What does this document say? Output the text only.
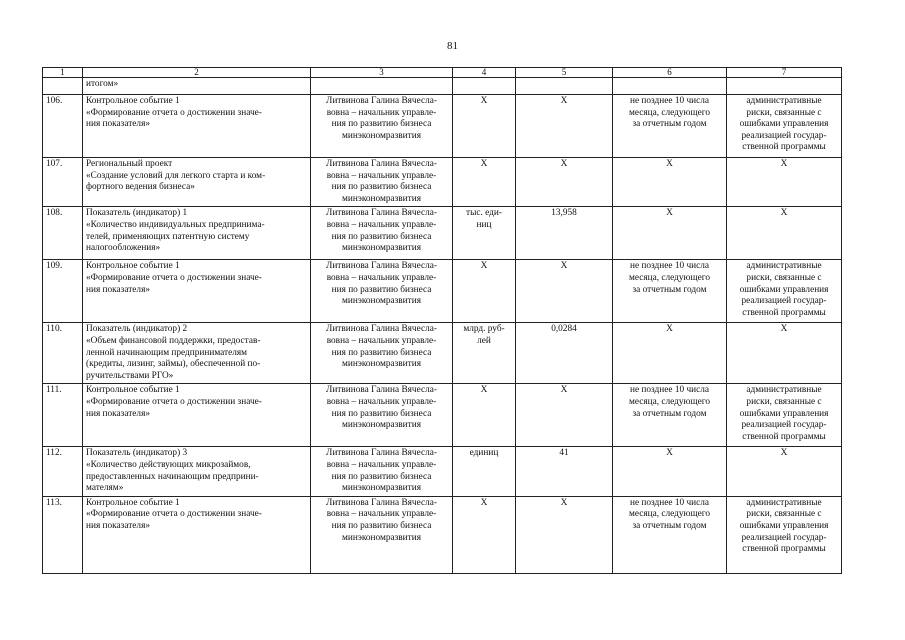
81
1	2	3	4	5	6	7
	итогом»					
106.	Контрольное событие 1
«Формирование отчета о достижении значе-
ния показателя»	Литвинова Галина Вячесла-
вовна – начальник управле-
ния по развитию бизнеса
минэкономразвития	Х	Х	не позднее 10 числа
месяца, следующего
за отчетным годом	административные
риски, связанные с
ошибками управления
реализацией государ-
ственной программы
107.	Региональный проект
«Создание условий для легкого старта и ком-
фортного ведения бизнеса»	Литвинова Галина Вячесла-
вовна – начальник управле-
ния по развитию бизнеса
минэкономразвития	Х	Х	Х	Х
108.	Показатель (индикатор) 1
«Количество индивидуальных предпринима-
телей, применяющих патентную систему
налогообложения»	Литвинова Галина Вячесла-
вовна – начальник управле-
ния по развитию бизнеса
минэкономразвития	тыс. еди-
ниц	13,958	Х	Х
109.	Контрольное событие 1
«Формирование отчета о достижении значе-
ния показателя»	Литвинова Галина Вячесла-
вовна – начальник управле-
ния по развитию бизнеса
минэкономразвития	Х	Х	не позднее 10 числа
месяца, следующего
за отчетным годом	административные
риски, связанные с
ошибками управления
реализацией государ-
ственной программы
110.	Показатель (индикатор) 2
«Объем финансовой поддержки, предостав-
ленной начинающим предпринимателям
(кредиты, лизинг, займы), обеспеченной по-
ручительствами РГО»	Литвинова Галина Вячесла-
вовна – начальник управле-
ния по развитию бизнеса
минэкономразвития	млрд. руб-
лей	0,0284	Х	Х
111.	Контрольное событие 1
«Формирование отчета о достижении значе-
ния показателя»	Литвинова Галина Вячесла-
вовна – начальник управле-
ния по развитию бизнеса
минэкономразвития	Х	Х	не позднее 10 числа
месяца, следующего
за отчетным годом	административные
риски, связанные с
ошибками управления
реализацией государ-
ственной программы
112.	Показатель (индикатор) 3
«Количество действующих микрозаймов,
предоставленных начинающим предприни-
мателям»	Литвинова Галина Вячесла-
вовна – начальник управле-
ния по развитию бизнеса
минэкономразвития	единиц	41	Х	Х
113.	Контрольное событие 1
«Формирование отчета о достижении значе-
ния показателя»	Литвинова Галина Вячесла-
вовна – начальник управле-
ния по развитию бизнеса
минэкономразвития	Х	Х	не позднее 10 числа
месяца, следующего
за отчетным годом	административные
риски, связанные с
ошибками управления
реализацией государ-
ственной программы
